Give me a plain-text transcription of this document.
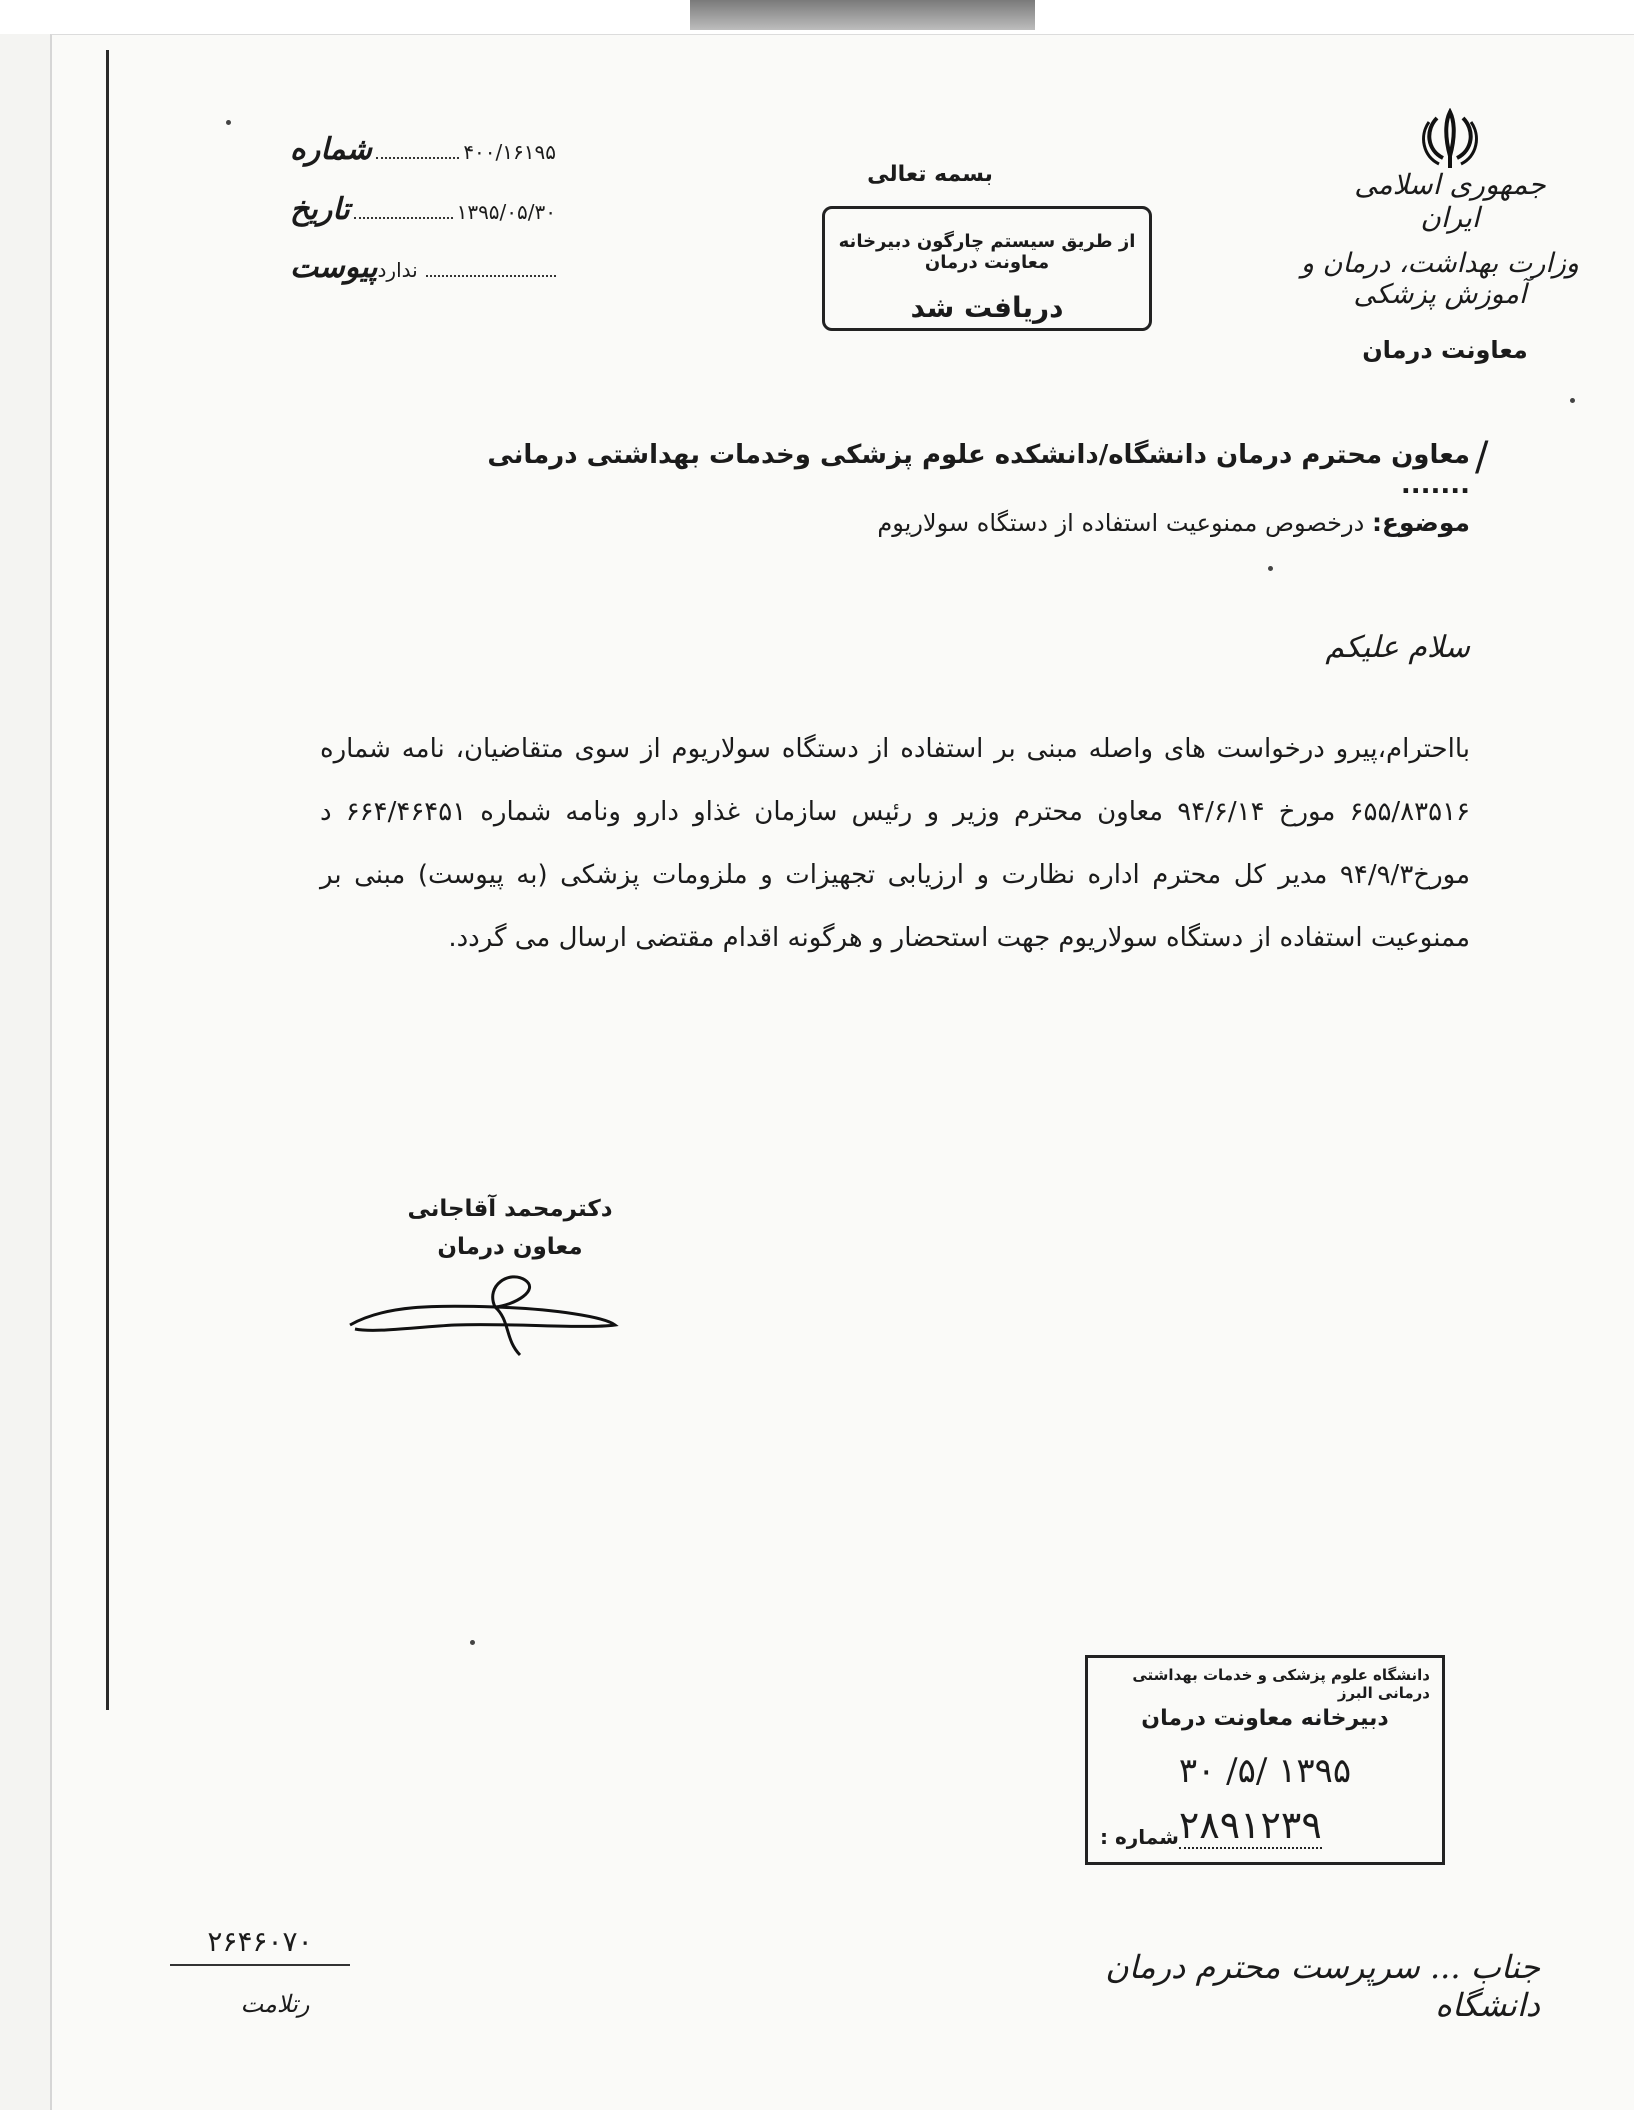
جمهوری اسلامی ایران
وزارت بهداشت، درمان و آموزش پزشکی
معاونت درمان
بسمه تعالی
از طریق سیستم چارگون دبیرخانه معاونت درمان
دریافت شد
شماره	۴۰۰/۱۶۱۹۵
تاریخ	۱۳۹۵/۰۵/۳۰
پیوست ندارد
/
معاون محترم درمان دانشگاه/دانشکده علوم پزشکی وخدمات بهداشتی درمانی .......
موضوع: درخصوص ممنوعیت استفاده از دستگاه سولاریوم
سلام علیکم
بااحترام،پیرو درخواست های واصله مبنی بر استفاده از دستگاه سولاریوم از سوی متقاضیان، نامه شماره ۶۵۵/۸۳۵۱۶ مورخ ۹۴/۶/۱۴ معاون محترم وزیر و رئیس سازمان غذاو دارو ونامه شماره ۶۶۴/۴۶۴۵۱ د مورخ۹۴/۹/۳ مدیر کل محترم اداره نظارت و ارزیابی تجهیزات و ملزومات پزشکی (به پیوست) مبنی بر ممنوعیت استفاده از دستگاه سولاریوم جهت استحضار و هرگونه اقدام مقتضی ارسال می گردد.
دکترمحمد آقاجانی
معاون درمان
دانشگاه علوم پزشکی و خدمات بهداشتی درمانی البرز
دبیرخانه معاونت درمان
۱۳۹۵ /۵/ ۳۰
شماره : ۲۸۹۱۲۳۹
۲۶۴۶۰۷۰
رتلامت
جناب ... سرپرست محترم درمان دانشگاه
